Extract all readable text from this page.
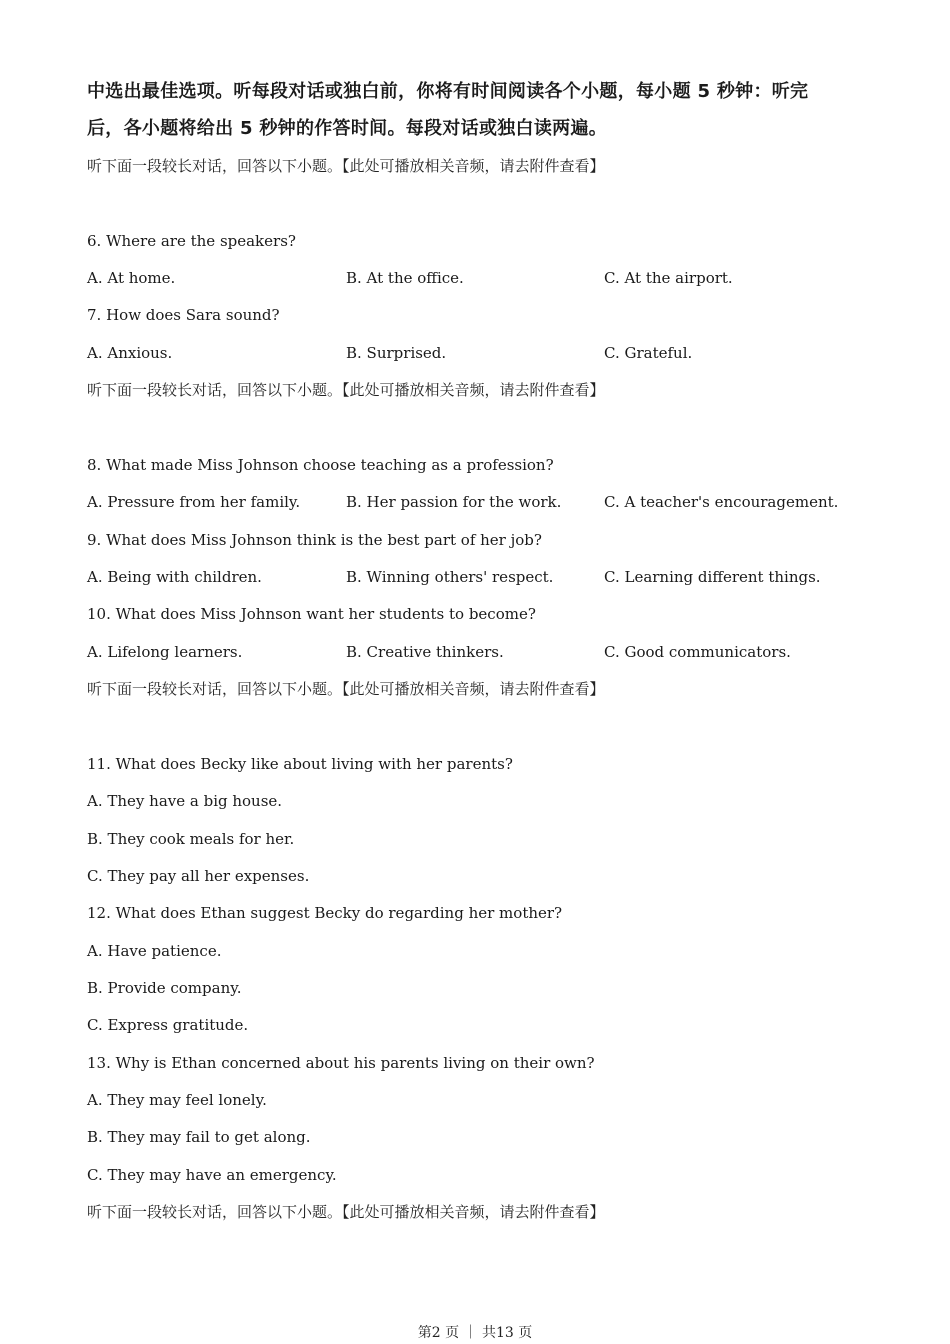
中选出最佳选项。听每段对话或独白前，你将有时间阅读各个小题，每小题 5 秒钟：听完
后，各小题将给出 5 秒钟的作答时间。每段对话或独白读两遍。
听下面一段较长对话，回答以下小题。【此处可播放相关音频，请去附件查看】
6. Where are the speakers?
A. At home.	B. At the office.	C. At the airport.
7. How does Sara sound?
A. Anxious.	B. Surprised.	C. Grateful.
听下面一段较长对话，回答以下小题。【此处可播放相关音频，请去附件查看】
8. What made Miss Johnson choose teaching as a profession?
A. Pressure from her family.	B. Her passion for the work.	C. A teacher's encouragement.
9. What does Miss Johnson think is the best part of her job?
A. Being with children.	B. Winning others' respect.	C. Learning different things.
10. What does Miss Johnson want her students to become?
A. Lifelong learners.	B. Creative thinkers.	C. Good communicators.
听下面一段较长对话，回答以下小题。【此处可播放相关音频，请去附件查看】
11. What does Becky like about living with her parents?
A. They have a big house.
B. They cook meals for her.
C. They pay all her expenses.
12. What does Ethan suggest Becky do regarding her mother?
A. Have patience.
B. Provide company.
C. Express gratitude.
13. Why is Ethan concerned about his parents living on their own?
A. They may feel lonely.
B. They may fail to get along.
C. They may have an emergency.
听下面一段较长对话，回答以下小题。【此处可播放相关音频，请去附件查看】
第2 页 ｜ 共13 页
